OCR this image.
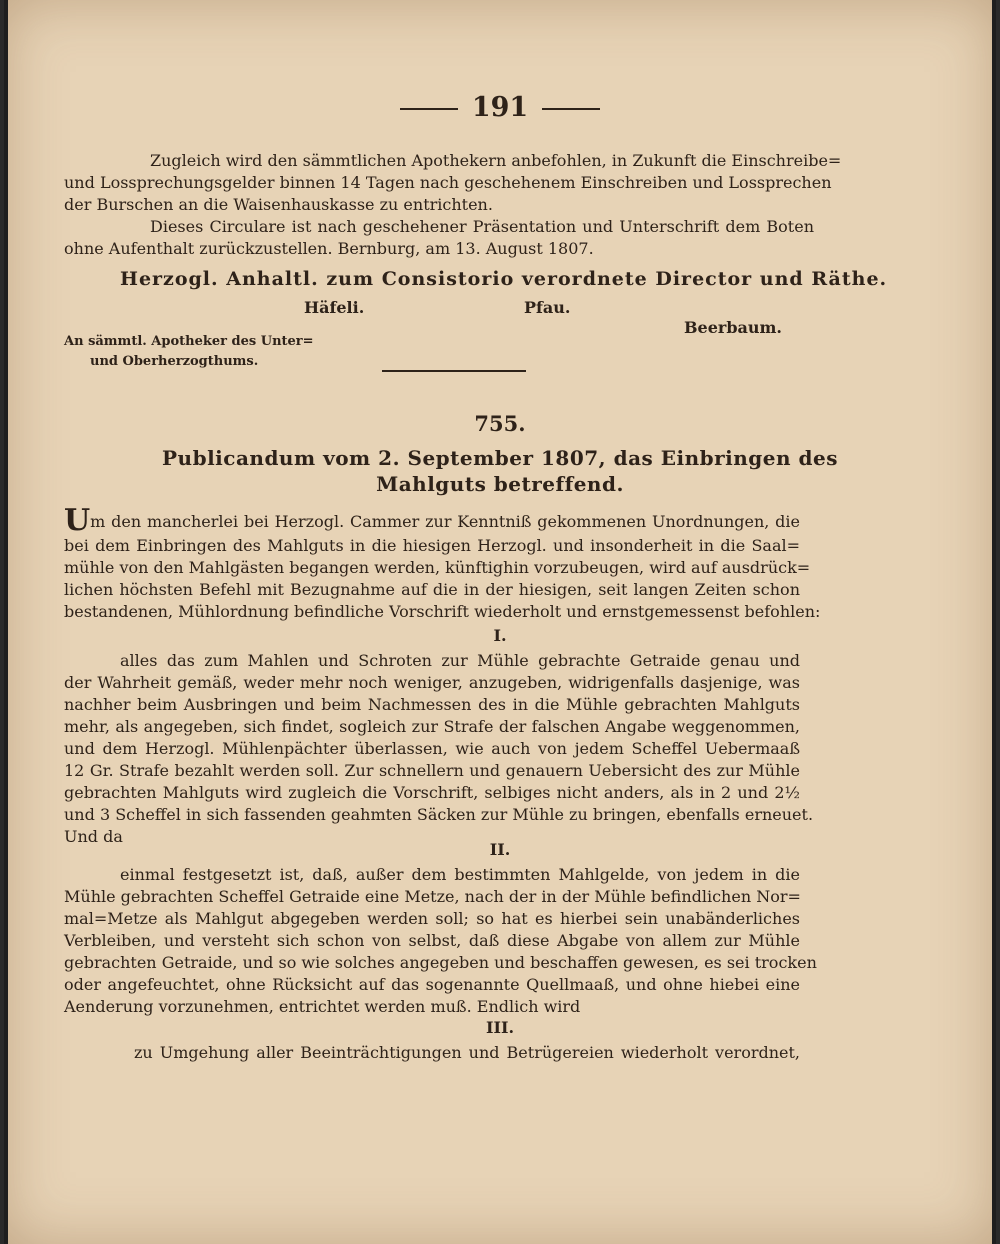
191
Zugleich wird den sämmtlichen Apothekern anbefohlen, in Zukunft die Einschreibe=
und Lossprechungsgelder binnen 14 Tagen nach geschehenem Einschreiben und Lossprechen
der Burschen an die Waisenhauskasse zu entrichten.
Dieses Circulare ist nach geschehener Präsentation und Unterschrift dem Boten
ohne Aufenthalt zurückzustellen. Bernburg, am 13. August 1807.
Herzogl. Anhaltl. zum Consistorio verordnete Director und Räthe.
Häfeli.	Pfau.
Beerbaum.
An sämmtl. Apotheker des Unter=
und Oberherzogthums.
755.
Publicandum vom 2. September 1807, das Einbringen des
Mahlguts betreffend.
Um den mancherlei bei Herzogl. Cammer zur Kenntniß gekommenen Unordnungen, die
bei dem Einbringen des Mahlguts in die hiesigen Herzogl. und insonderheit in die Saal=
mühle von den Mahlgästen begangen werden, künftighin vorzubeugen, wird auf ausdrück=
lichen höchsten Befehl mit Bezugnahme auf die in der hiesigen, seit langen Zeiten schon
bestandenen, Mühlordnung befindliche Vorschrift wiederholt und ernstgemessenst befohlen:
I.
alles das zum Mahlen und Schroten zur Mühle gebrachte Getraide genau und
der Wahrheit gemäß, weder mehr noch weniger, anzugeben, widrigenfalls dasjenige, was
nachher beim Ausbringen und beim Nachmessen des in die Mühle gebrachten Mahlguts
mehr, als angegeben, sich findet, sogleich zur Strafe der falschen Angabe weggenommen,
und dem Herzogl. Mühlenpächter überlassen, wie auch von jedem Scheffel Uebermaaß
12 Gr. Strafe bezahlt werden soll. Zur schnellern und genauern Uebersicht des zur Mühle
gebrachten Mahlguts wird zugleich die Vorschrift, selbiges nicht anders, als in 2 und 2½
und 3 Scheffel in sich fassenden geahmten Säcken zur Mühle zu bringen, ebenfalls erneuet.
Und da
II.
einmal festgesetzt ist, daß, außer dem bestimmten Mahlgelde, von jedem in die
Mühle gebrachten Scheffel Getraide eine Metze, nach der in der Mühle befindlichen Nor=
mal=Metze als Mahlgut abgegeben werden soll; so hat es hierbei sein unabänderliches
Verbleiben, und versteht sich schon von selbst, daß diese Abgabe von allem zur Mühle
gebrachten Getraide, und so wie solches angegeben und beschaffen gewesen, es sei trocken
oder angefeuchtet, ohne Rücksicht auf das sogenannte Quellmaaß, und ohne hiebei eine
Aenderung vorzunehmen, entrichtet werden muß. Endlich wird
III.
zu Umgehung aller Beeinträchtigungen und Betrügereien wiederholt verordnet,
